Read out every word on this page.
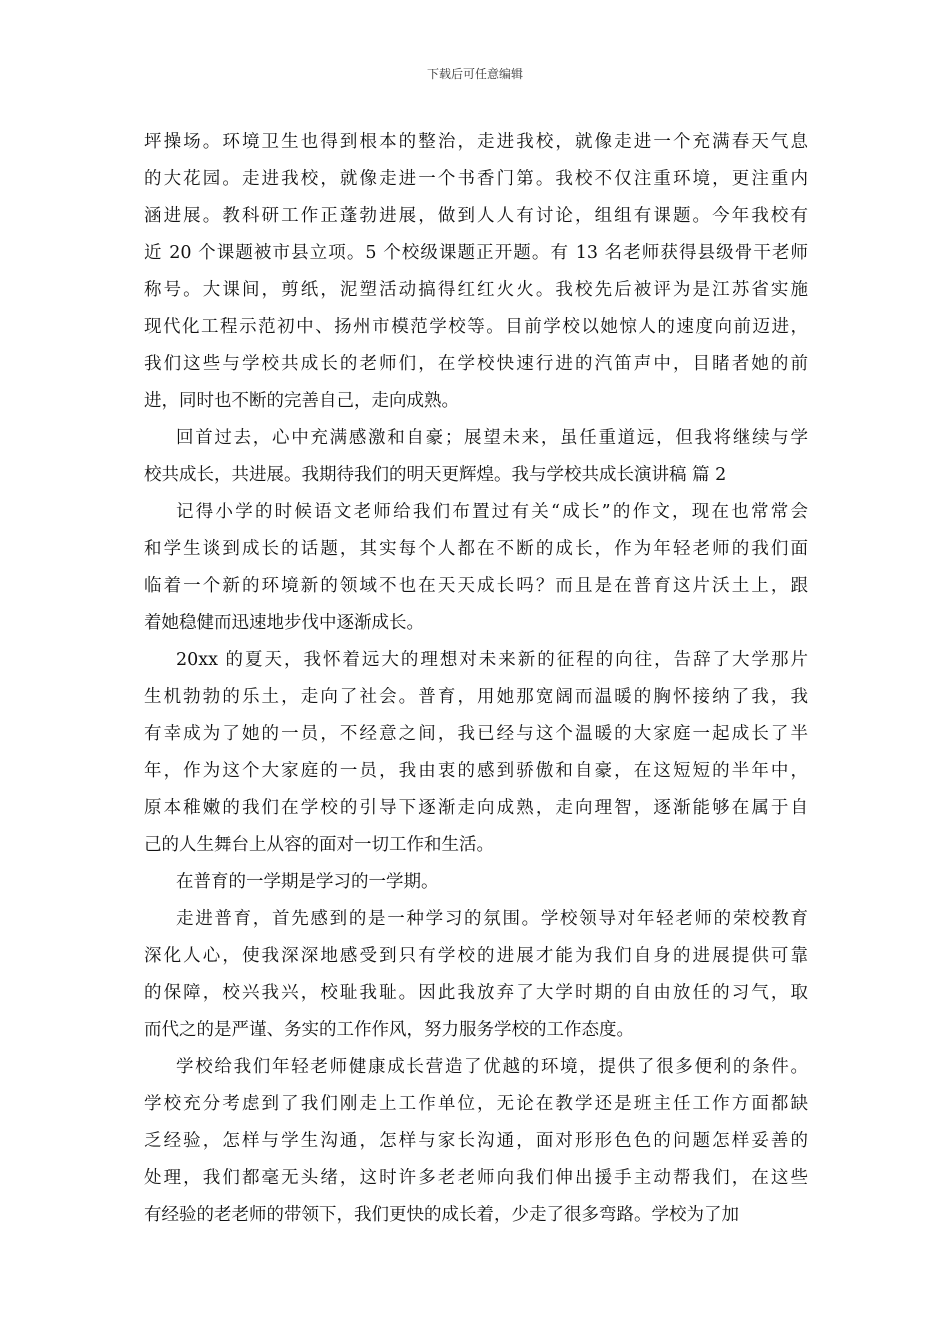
下载后可任意编辑
坪操场。环境卫生也得到根本的整治，走进我校，就像走进一个充满春天气息
的大花园。走进我校，就像走进一个书香门第。我校不仅注重环境，更注重内
涵进展。教科研工作正蓬勃进展，做到人人有讨论，组组有课题。今年我校有
近 20 个课题被市县立项。5 个校级课题正开题。有 13 名老师获得县级骨干老师
称号。大课间，剪纸，泥塑活动搞得红红火火。我校先后被评为是江苏省实施
现代化工程示范初中、扬州市模范学校等。目前学校以她惊人的速度向前迈进，
我们这些与学校共成长的老师们，在学校快速行进的汽笛声中，目睹者她的前
进，同时也不断的完善自己，走向成熟。
回首过去，心中充满感激和自豪；展望未来，虽任重道远，但我将继续与学
校共成长，共进展。我期待我们的明天更辉煌。我与学校共成长演讲稿 篇 2
记得小学的时候语文老师给我们布置过有关“成长”的作文，现在也常常会
和学生谈到成长的话题，其实每个人都在不断的成长，作为年轻老师的我们面
临着一个新的环境新的领域不也在天天成长吗？而且是在普育这片沃土上，跟
着她稳健而迅速地步伐中逐渐成长。
20xx 的夏天，我怀着远大的理想对未来新的征程的向往，告辞了大学那片
生机勃勃的乐土，走向了社会。普育，用她那宽阔而温暖的胸怀接纳了我，我
有幸成为了她的一员，不经意之间，我已经与这个温暖的大家庭一起成长了半
年，作为这个大家庭的一员，我由衷的感到骄傲和自豪，在这短短的半年中，
原本稚嫩的我们在学校的引导下逐渐走向成熟，走向理智，逐渐能够在属于自
己的人生舞台上从容的面对一切工作和生活。
在普育的一学期是学习的一学期。
走进普育，首先感到的是一种学习的氛围。学校领导对年轻老师的荣校教育
深化人心，使我深深地感受到只有学校的进展才能为我们自身的进展提供可靠
的保障，校兴我兴，校耻我耻。因此我放弃了大学时期的自由放任的习气，取
而代之的是严谨、务实的工作作风，努力服务学校的工作态度。
学校给我们年轻老师健康成长营造了优越的环境，提供了很多便利的条件。
学校充分考虑到了我们刚走上工作单位，无论在教学还是班主任工作方面都缺
乏经验，怎样与学生沟通，怎样与家长沟通，面对形形色色的问题怎样妥善的
处理，我们都毫无头绪，这时许多老老师向我们伸出援手主动帮我们，在这些
有经验的老老师的带领下，我们更快的成长着，少走了很多弯路。学校为了加
